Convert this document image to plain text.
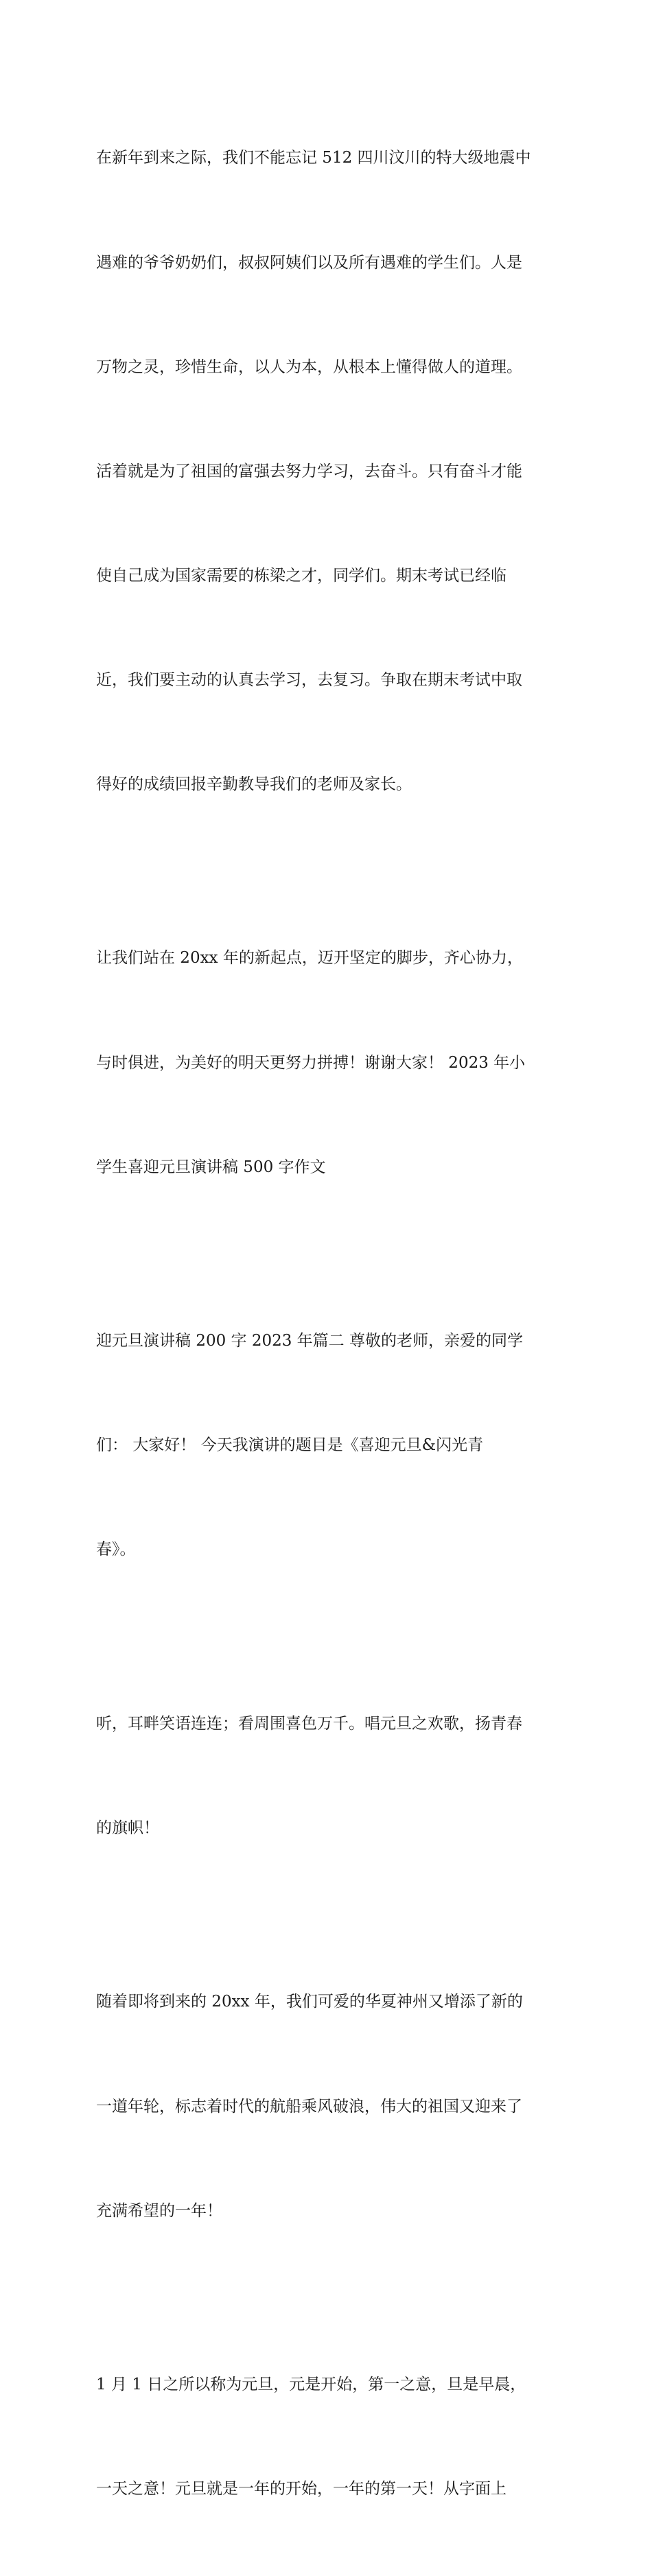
在新年到来之际，我们不能忘记 512 四川汶川的特大级地震中

遇难的爷爷奶奶们，叔叔阿姨们以及所有遇难的学生们。人是

万物之灵，珍惜生命，以人为本，从根本上懂得做人的道理。

活着就是为了祖国的富强去努力学习，去奋斗。只有奋斗才能

使自己成为国家需要的栋梁之才，同学们。期末考试已经临

近，我们要主动的认真去学习，去复习。争取在期末考试中取

得好的成绩回报辛勤教导我们的老师及家长。

让我们站在 20xx 年的新起点，迈开坚定的脚步，齐心协力，

与时俱进，为美好的明天更努力拼搏！谢谢大家！ 2023 年小

学生喜迎元旦演讲稿 500 字作文

迎元旦演讲稿 200 字 2023 年篇二 尊敬的老师，亲爱的同学

们： 大家好！ 今天我演讲的题目是《喜迎元旦&闪光青

春》。

听，耳畔笑语连连；看周围喜色万千。唱元旦之欢歌，扬青春

的旗帜！

随着即将到来的 20xx 年，我们可爱的华夏神州又增添了新的

一道年轮，标志着时代的航船乘风破浪，伟大的祖国又迎来了

充满希望的一年！

1 月 1 日之所以称为元旦，元是开始，第一之意，旦是早晨，

一天之意！元旦就是一年的开始，一年的第一天！从字面上
